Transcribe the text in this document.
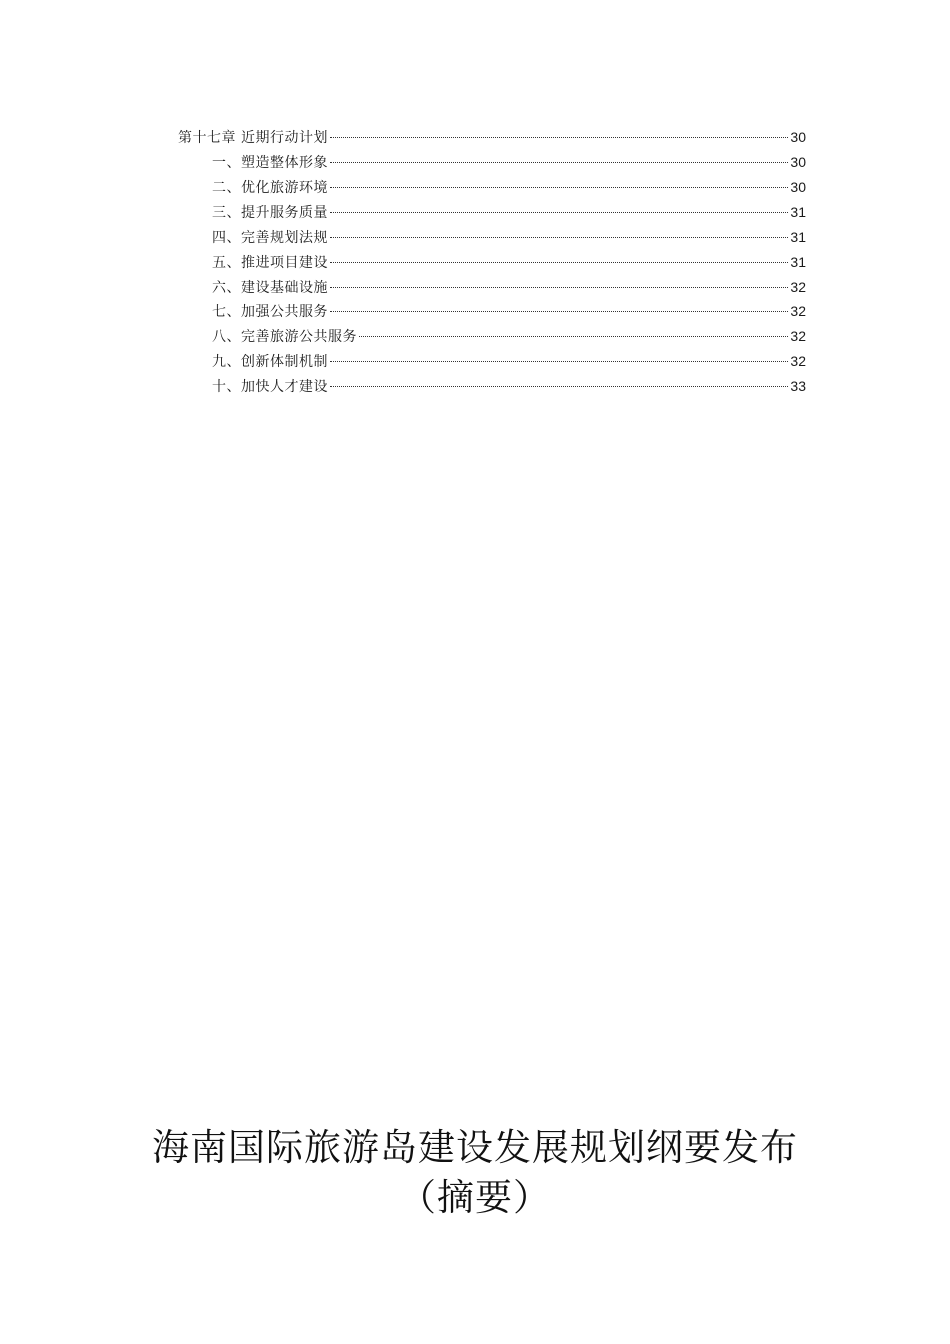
第十七章 近期行动计划	30
一、塑造整体形象	30
二、优化旅游环境	30
三、提升服务质量	31
四、完善规划法规	31
五、推进项目建设	31
六、建设基础设施	32
七、加强公共服务	32
八、完善旅游公共服务	32
九、创新体制机制	32
十、加快人才建设	33
海南国际旅游岛建设发展规划纲要发布
（摘要）
